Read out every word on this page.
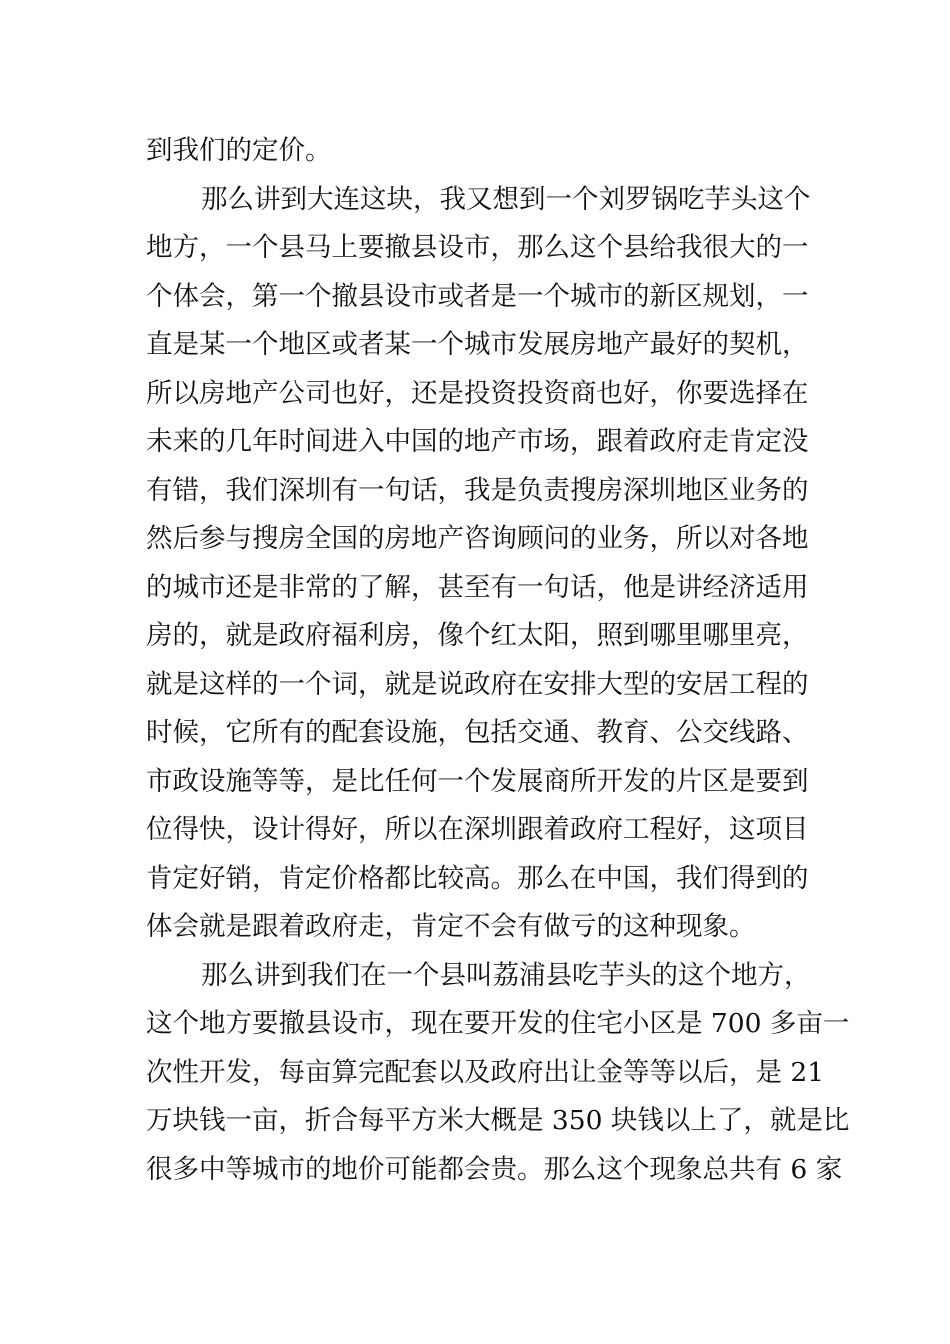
到我们的定价。
那么讲到大连这块，我又想到一个刘罗锅吃芋头这个
地方，一个县马上要撤县设市，那么这个县给我很大的一
个体会，第一个撤县设市或者是一个城市的新区规划，一
直是某一个地区或者某一个城市发展房地产最好的契机，
所以房地产公司也好，还是投资投资商也好，你要选择在
未来的几年时间进入中国的地产市场，跟着政府走肯定没
有错，我们深圳有一句话，我是负责搜房深圳地区业务的
然后参与搜房全国的房地产咨询顾问的业务，所以对各地
的城市还是非常的了解，甚至有一句话，他是讲经济适用
房的，就是政府福利房，像个红太阳，照到哪里哪里亮，
就是这样的一个词，就是说政府在安排大型的安居工程的
时候，它所有的配套设施，包括交通、教育、公交线路、
市政设施等等，是比任何一个发展商所开发的片区是要到
位得快，设计得好，所以在深圳跟着政府工程好，这项目
肯定好销，肯定价格都比较高。那么在中国，我们得到的
体会就是跟着政府走，肯定不会有做亏的这种现象。
那么讲到我们在一个县叫荔浦县吃芋头的这个地方，
这个地方要撤县设市，现在要开发的住宅小区是 700 多亩一
次性开发，每亩算完配套以及政府出让金等等以后，是 21
万块钱一亩，折合每平方米大概是 350 块钱以上了，就是比
很多中等城市的地价可能都会贵。那么这个现象总共有 6 家
